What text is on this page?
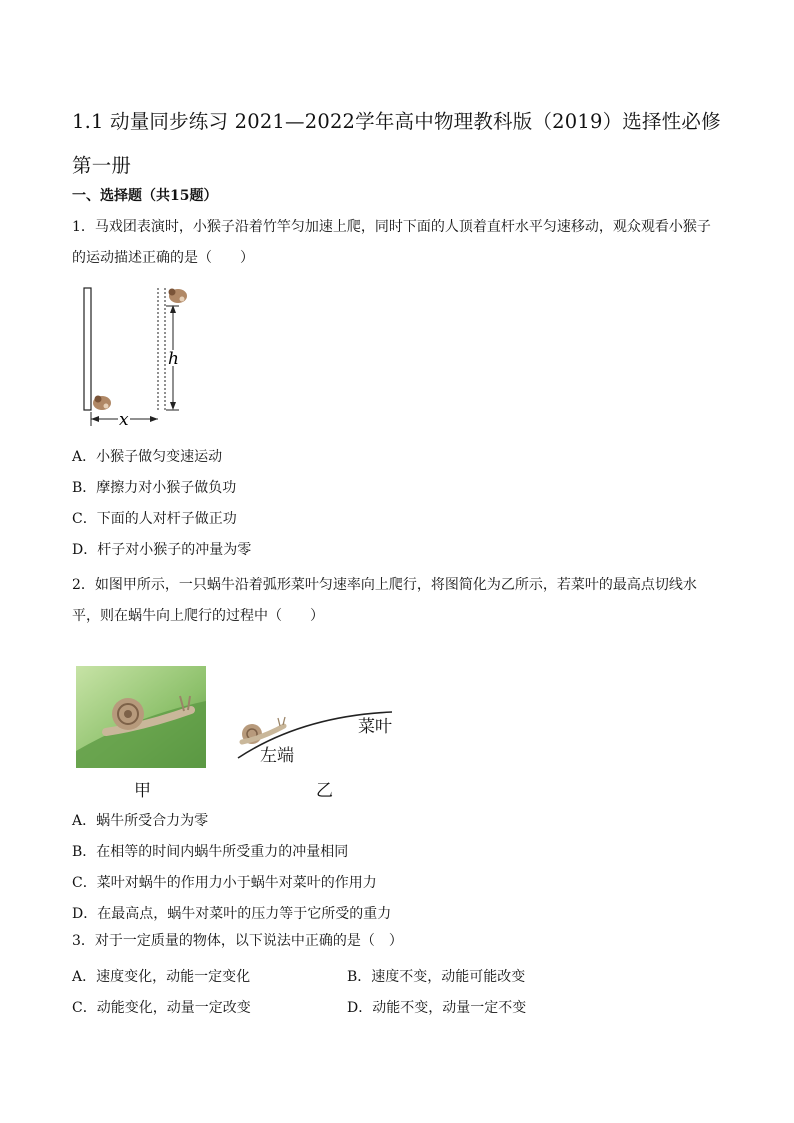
1.1 动量同步练习 2021—2022学年高中物理教科版（2019）选择性必修第一册
一、选择题（共15题）
1．马戏团表演时，小猴子沿着竹竿匀加速上爬，同时下面的人顶着直杆水平匀速移动，观众观看小猴子的运动描述正确的是（　　）
h
x
A．小猴子做匀变速运动
B．摩擦力对小猴子做负功
C．下面的人对杆子做正功
D．杆子对小猴子的冲量为零
2．如图甲所示，一只蜗牛沿着弧形菜叶匀速率向上爬行，将图简化为乙所示，若菜叶的最高点切线水平，则在蜗牛向上爬行的过程中（　　）
甲
菜叶
左端
乙
A．蜗牛所受合力为零
B．在相等的时间内蜗牛所受重力的冲量相同
C．菜叶对蜗牛的作用力小于蜗牛对菜叶的作用力
D．在最高点，蜗牛对菜叶的压力等于它所受的重力
3．对于一定质量的物体，以下说法中正确的是（　）
A．速度变化，动能一定变化	B．速度不变，动能可能改变
C．动能变化，动量一定改变	D．动能不变，动量一定不变
